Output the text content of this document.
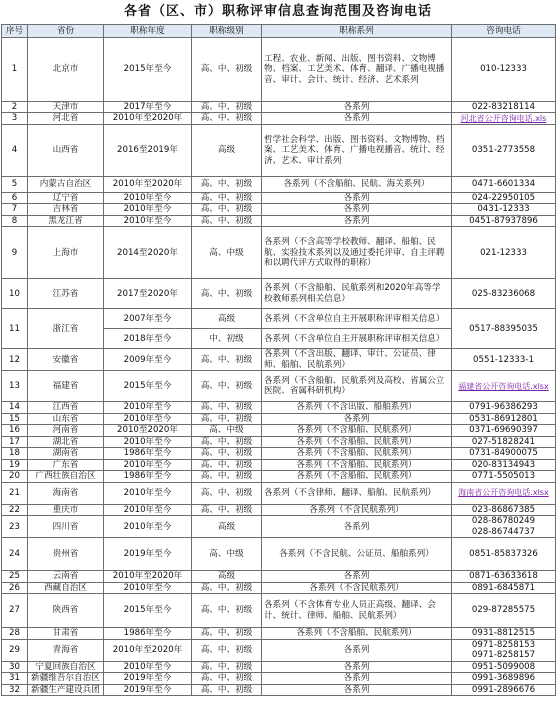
各省（区、市）职称评审信息查询范围及咨询电话
序号	省份	职称年度	职称级别	职称系列	咨询电话
1	北京市	2015年至今	高、中、初级	工程、农业、新闻、出版、图书资料、文物博物、档案、工艺美术、体育、翻译、广播电视播音、审计、会计、统计、经济、艺术系列	010-12333
2	天津市	2017年至今	高、中、初级	各系列	022-83218114
3	河北省	2010年至2020年	高、中、初级	各系列	河北省公开咨询电话.xls
4	山西省	2016至2019年	高级	哲学社会科学、出版、图书资料、文物博物、档案、工艺美术、体育、广播电视播音、统计、经济、艺术、审计系列	0351-2773558
5	内蒙古自治区	2010年至2020年	高、中、初级	各系列（不含船舶、民航、海关系列）	0471-6601334
6	辽宁省	2010年至今	高、中、初级	各系列	024-22950105
7	吉林省	2010年至今	高、中、初级	各系列	0431-12333
8	黑龙江省	2010年至今	高、中、初级	各系列	0451-87937896
9	上海市	2014至2020年	高、中级	各系列（不含高等学校教师、翻译、船舶、民航、实验技术系列以及通过委托评审、自主评聘和以聘代评方式取得的职称）	021-12333
10	江苏省	2017至2020年	高、中、初级	各系列（不含船舶、民航系列和2020年高等学校教师系列相关信息）	025-83236068
11	浙江省	2007年至今	高级	各系列（不含单位自主开展职称评审相关信息）	0517-88395035
		2018年至今	中、初级	各系列（不含单位自主开展职称评审相关信息）	
12	安徽省	2009年至今	高、中、初级	各系列（不含出版、翻译、审计、公证员、律师、船舶、民航系列）	0551-12333-1
13	福建省	2015年至今	高、中、初级	各系列（不含船舶、民航系列及高校、省属公立医院、省属科研机构）	福建省公开咨询电话.xlsx
14	江西省	2010年至今	高、中、初级	各系列（不含出版、船舶系列）	0791-96386293
15	山东省	2010年至今	高、中、初级	各系列	0531-86912801
16	河南省	2010至2020年	高、中级	各系列（不含船舶、民航系列）	0371-69690397
17	湖北省	2010年至今	高、中、初级	各系列（不含船舶、民航系列）	027-51828241
18	湖南省	1986年至今	高、中、初级	各系列（不含船舶、民航系列）	0731-84900075
19	广东省	2010年至今	高、中、初级	各系列（不含船舶、民航系列）	020-83134943
20	广西壮族自治区	1986年至今	高、中、初级	各系列（不含船舶、民航系列）	0771-5505013
21	海南省	2010年至今	高、中、初级	各系列（不含律师、翻译、船舶、民航系列）	海南省公开咨询电话.xlsx
22	重庆市	2010年至今	高、中、初级	各系列（不含民航系列）	023-86867385
23	四川省	2010年至今	高级	各系列	028-86780249
028-86744737
24	贵州省	2019年至今	高、中级	各系列（不含民航、公证员、船舶系列）	0851-85837326
25	云南省	2010年至2020年	高级	各系列	0871-63633618
26	西藏自治区	2010年至今	高、中、初级	各系列（不含民航系列）	0891-6845871
27	陕西省	2015年至今	高、中、初级	各系列（不含体育专业人员正高级、翻译、会计、统计、律师、船舶、民航系列）	029-87285575
28	甘肃省	1986年至今	高、中、初级	各系列（不含船舶、民航系列）	0931-8812515
29	青海省	2010年至2020年	高、中、初级	各系列	0971-8258153
0971-8258157
30	宁夏回族自治区	2010年至今	高、中、初级	各系列	0951-5099008
31	新疆维吾尔自治区	2019年至今	高、中、初级	各系列	0991-3689896
32	新疆生产建设兵团	2019年至今	高、中、初级	各系列	0991-2896676
